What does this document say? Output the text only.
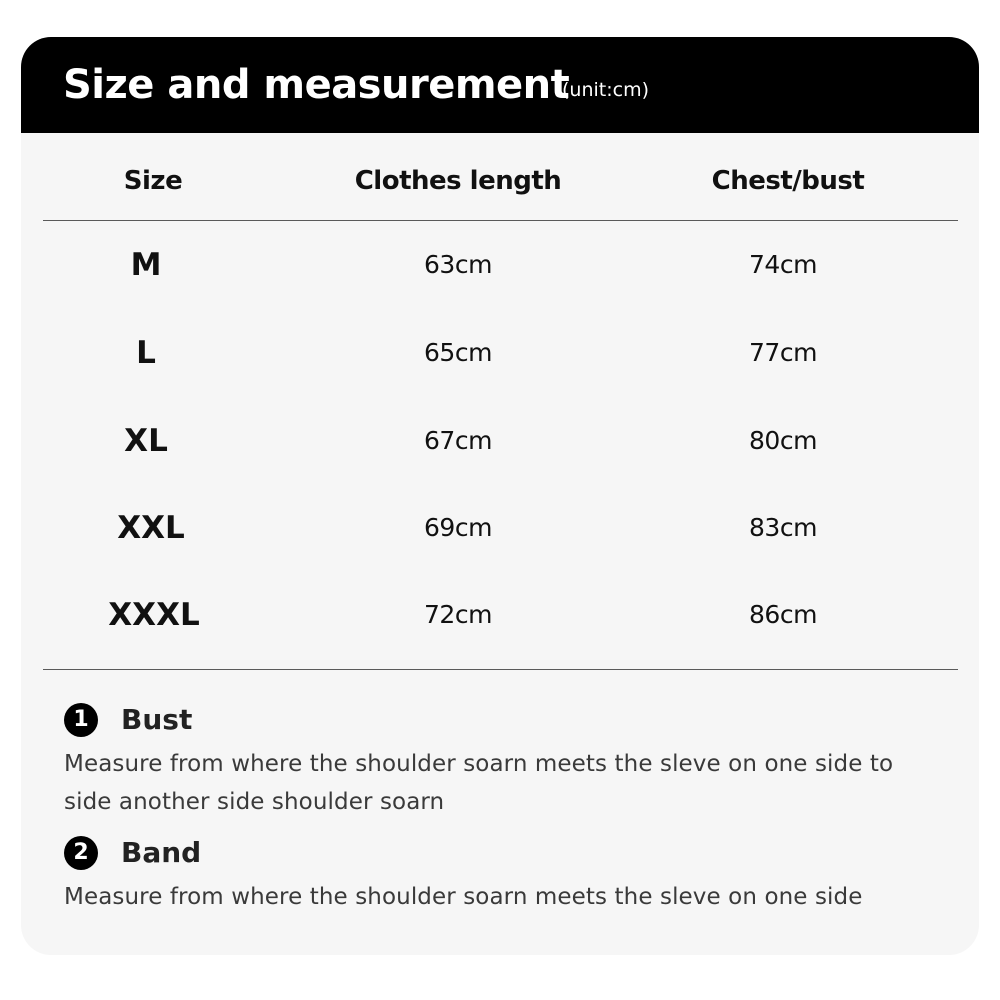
Size and measurement
(unit:cm)
Size	Clothes length	Chest/bust
M	63cm	74cm
L	65cm	77cm
XL	67cm	80cm
XXL	69cm	83cm
XXXL	72cm	86cm
1	Bust
Measure from where the shoulder soarn meets the sleve on one side to side another side shoulder soarn
2	Band
Measure from where the shoulder soarn meets the sleve on one side
